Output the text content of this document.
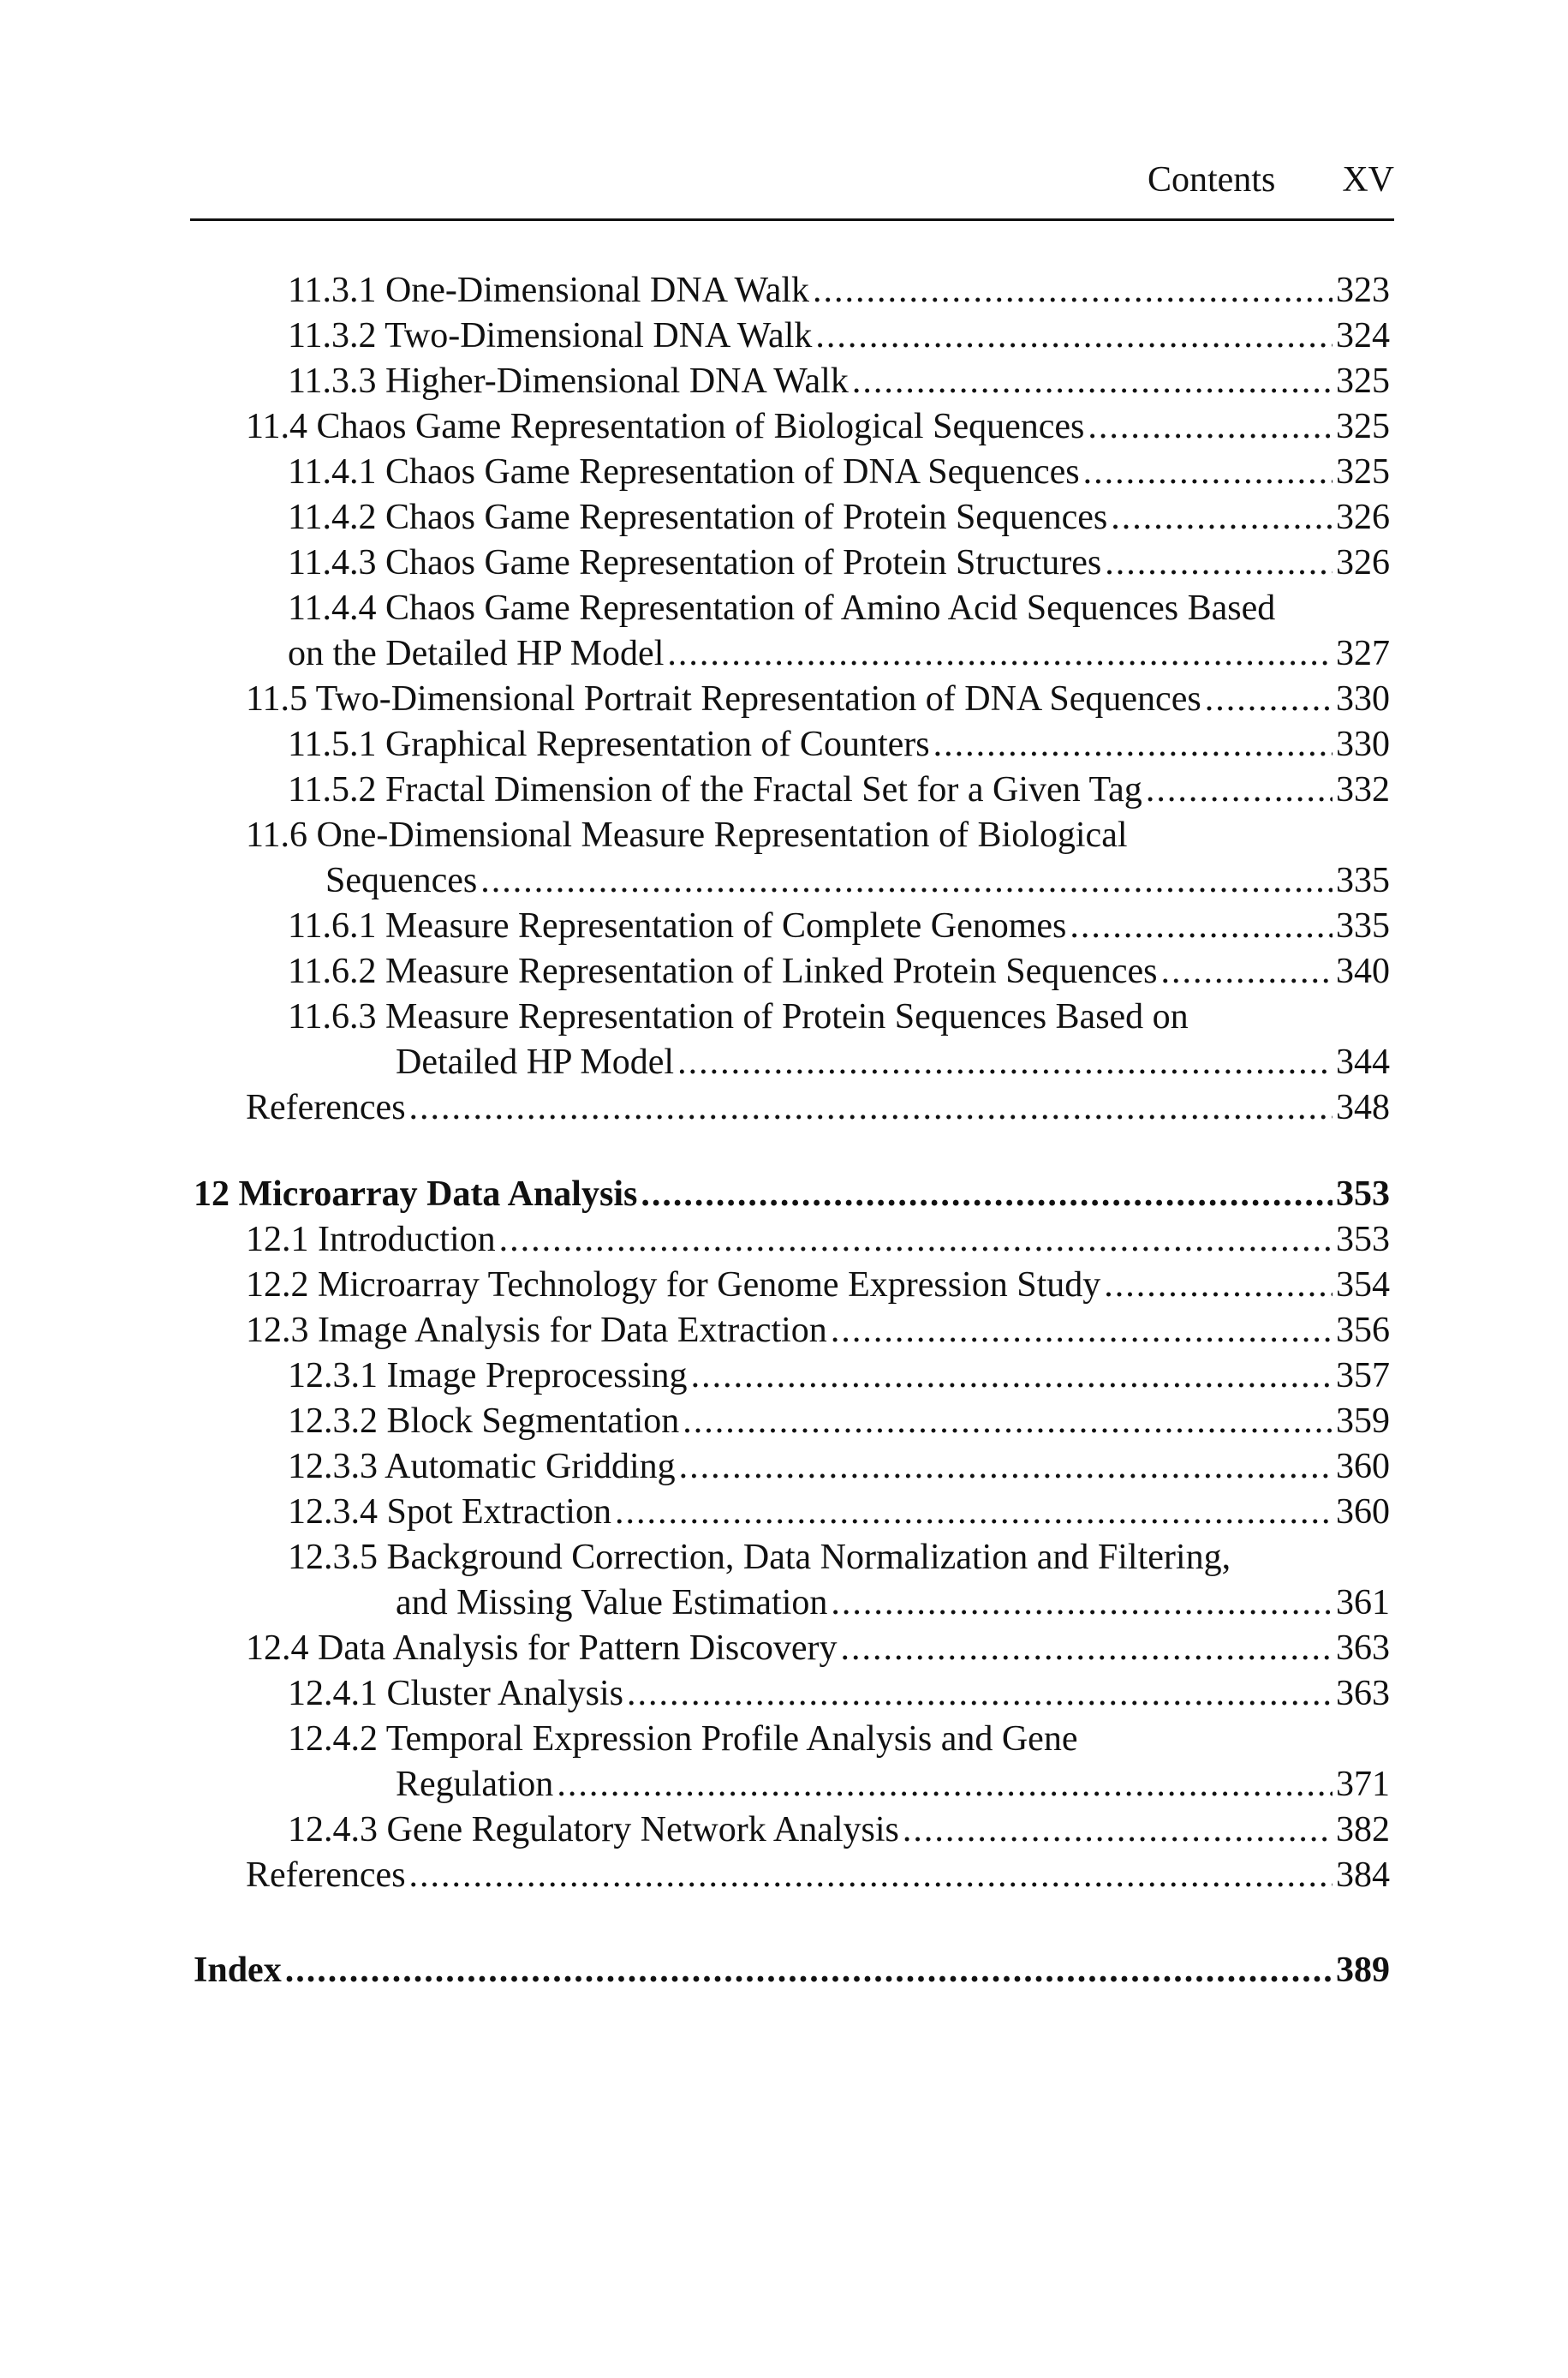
Contents XV
11.3.1 One-Dimensional DNA Walk .....	323
11.3.2 Two-Dimensional DNA Walk .....	324
11.3.3 Higher-Dimensional DNA Walk .....	325
11.4 Chaos Game Representation of Biological Sequences .....	325
11.4.1 Chaos Game Representation of DNA Sequences .....	325
11.4.2 Chaos Game Representation of Protein Sequences .....	326
11.4.3 Chaos Game Representation of Protein Structures .....	326
11.4.4 Chaos Game Representation of Amino Acid Sequences Based
on the Detailed HP Model .....	327
11.5 Two-Dimensional Portrait Representation of DNA Sequences .....	330
11.5.1 Graphical Representation of Counters .....	330
11.5.2 Fractal Dimension of the Fractal Set for a Given Tag .....	332
11.6 One-Dimensional Measure Representation of Biological
Sequences .....	335
11.6.1 Measure Representation of Complete Genomes .....	335
11.6.2 Measure Representation of Linked Protein Sequences .....	340
11.6.3 Measure Representation of Protein Sequences Based on
Detailed HP Model .....	344
References .....	348
12 Microarray Data Analysis .....	353
12.1 Introduction .....	353
12.2 Microarray Technology for Genome Expression Study .....	354
12.3 Image Analysis for Data Extraction .....	356
12.3.1 Image Preprocessing .....	357
12.3.2 Block Segmentation .....	359
12.3.3 Automatic Gridding .....	360
12.3.4 Spot Extraction .....	360
12.3.5 Background Correction, Data Normalization and Filtering,
and Missing Value Estimation .....	361
12.4 Data Analysis for Pattern Discovery .....	363
12.4.1 Cluster Analysis .....	363
12.4.2 Temporal Expression Profile Analysis and Gene
Regulation .....	371
12.4.3 Gene Regulatory Network Analysis .....	382
References .....	384
Index .....	389
